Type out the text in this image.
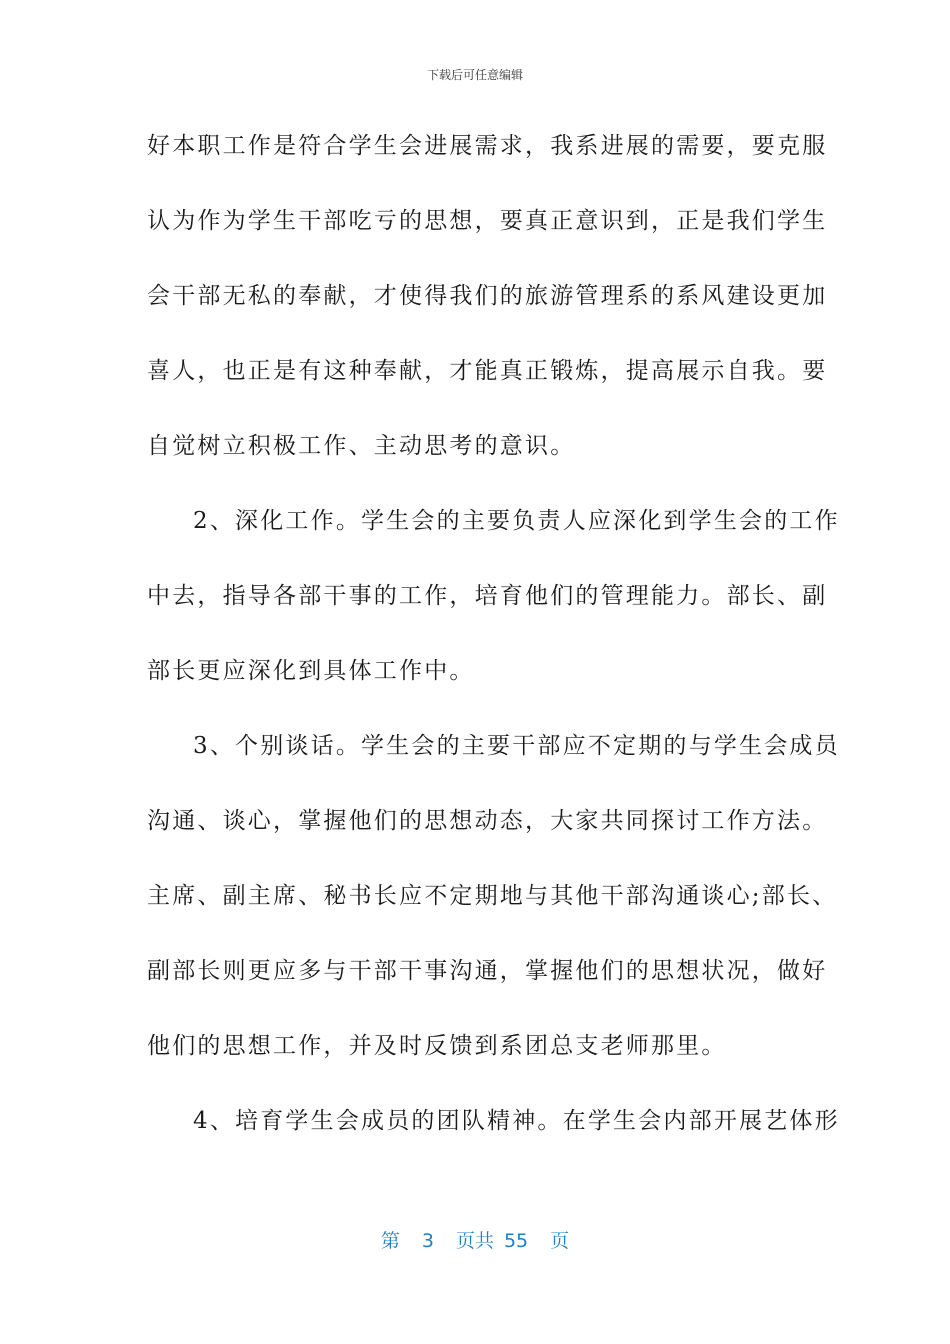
下载后可任意编辑
好本职工作是符合学生会进展需求，我系进展的需要，要克服
认为作为学生干部吃亏的思想，要真正意识到，正是我们学生
会干部无私的奉献，才使得我们的旅游管理系的系风建设更加
喜人，也正是有这种奉献，才能真正锻炼，提高展示自我。要
自觉树立积极工作、主动思考的意识。
2、深化工作。学生会的主要负责人应深化到学生会的工作
中去，指导各部干事的工作，培育他们的管理能力。部长、副
部长更应深化到具体工作中。
3、个别谈话。学生会的主要干部应不定期的与学生会成员
沟通、谈心，掌握他们的思想动态，大家共同探讨工作方法。
主席、副主席、秘书长应不定期地与其他干部沟通谈心;部长、
副部长则更应多与干部干事沟通，掌握他们的思想状况，做好
他们的思想工作，并及时反馈到系团总支老师那里。
4、培育学生会成员的团队精神。在学生会内部开展艺体形
第 3 页共 55 页
